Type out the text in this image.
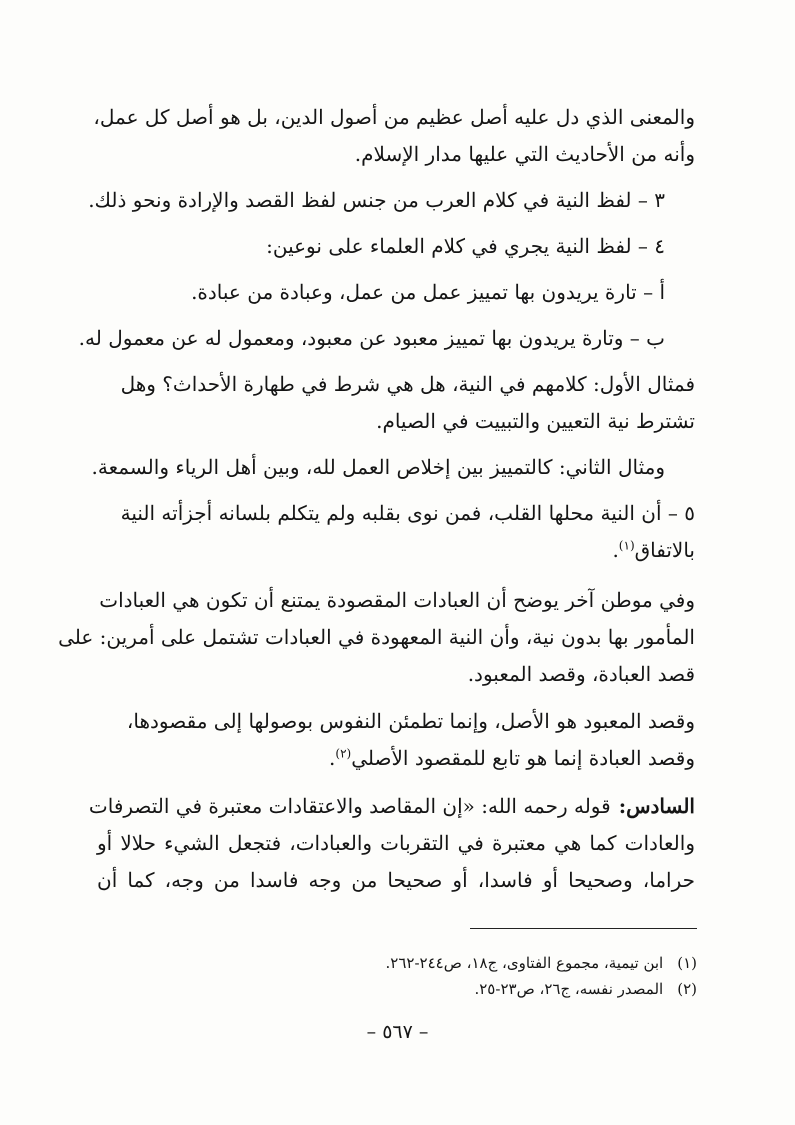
والمعنى الذي دل عليه أصل عظيم من أصول الدين، بل هو أصل كل عمل،
وأنه من الأحاديث التي عليها مدار الإسلام.
٣ – لفظ النية في كلام العرب من جنس لفظ القصد والإرادة ونحو ذلك.
٤ – لفظ النية يجري في كلام العلماء على نوعين:
أ – تارة يريدون بها تمييز عمل من عمل، وعبادة من عبادة.
ب – وتارة يريدون بها تمييز معبود عن معبود، ومعمول له عن معمول له.
فمثال الأول: كلامهم في النية، هل هي شرط في طهارة الأحداث؟ وهل
تشترط نية التعيين والتبييت في الصيام.
ومثال الثاني: كالتمييز بين إخلاص العمل لله، وبين أهل الرياء والسمعة.
٥ – أن النية محلها القلب، فمن نوى بقلبه ولم يتكلم بلسانه أجزأته النية
بالاتفاق$^{(١)}$.
وفي موطن آخر يوضح أن العبادات المقصودة يمتنع أن تكون هي العبادات
المأمور بها بدون نية، وأن النية المعهودة في العبادات تشتمل على أمرين: على
قصد العبادة، وقصد المعبود.
وقصد المعبود هو الأصل، وإنما تطمئن النفوس بوصولها إلى مقصودها،
وقصد العبادة إنما هو تابع للمقصود الأصلي$^{(٢)}$.
السادس:
قوله رحمه الله: «إن المقاصد والاعتقادات معتبرة في التصرفات
والعادات كما هي معتبرة في التقربات والعبادات، فتجعل الشيء حلالا أو
حراما، وصحيحا أو فاسدا، أو صحيحا من وجه فاسدا من وجه، كما أن
(١)ابن تيمية، مجموع الفتاوى، ج١٨، ص٢٤٤-٢٦٢.
(٢)المصدر نفسه، ج٢٦، ص٢٣-٢٥.
– ٥٦٧ –
